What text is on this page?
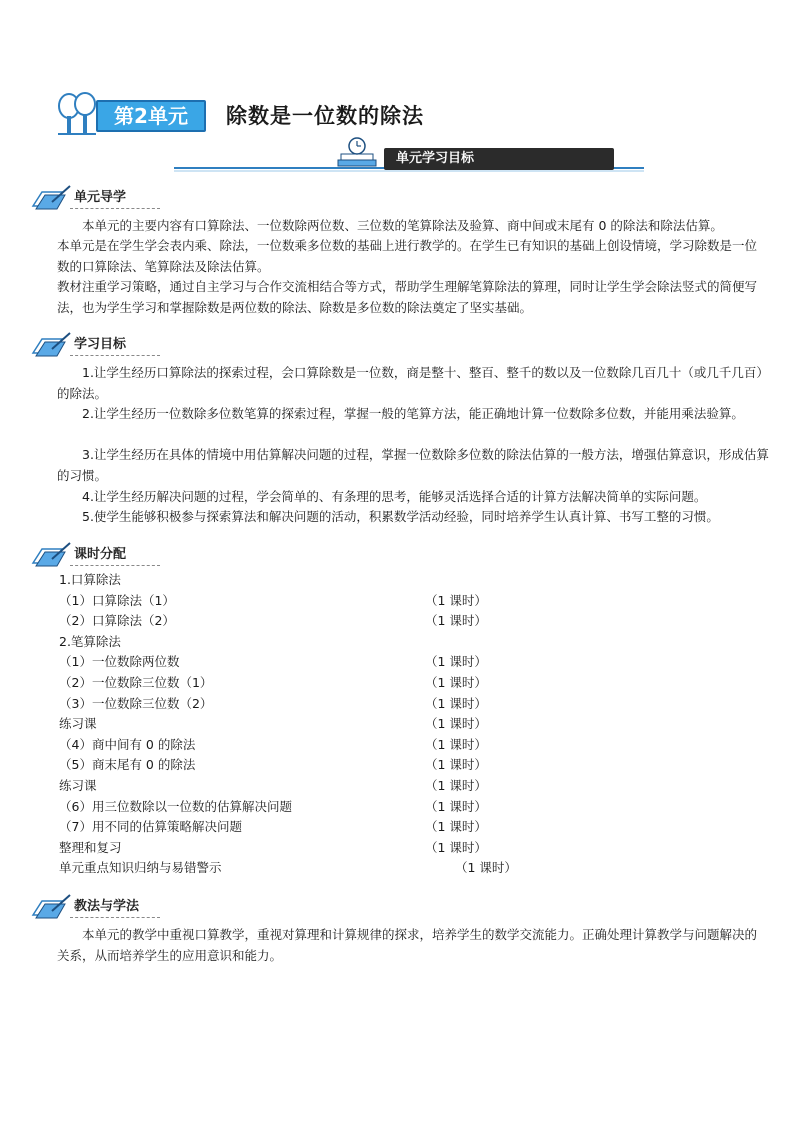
第2单元	除数是一位数的除法
单元学习目标
单元导学

本单元的主要内容有口算除法、一位数除两位数、三位数的笔算除法及验算、商中间或末尾有 0 的除法和除法估算。

本单元是在学生学会表内乘、除法，一位数乘多位数的基础上进行教学的。在学生已有知识的基础上创设情境，学习除数是一位数的口算除法、笔算除法及除法估算。

教材注重学习策略，通过自主学习与合作交流相结合等方式，帮助学生理解笔算除法的算理，同时让学生学会除法竖式的简便写法，也为学生学习和掌握除数是两位数的除法、除数是多位数的除法奠定了坚实基础。

学习目标

1.让学生经历口算除法的探索过程，会口算除数是一位数，商是整十、整百、整千的数以及一位数除几百几十（或几千几百）的除法。

2.让学生经历一位数除多位数笔算的探索过程，掌握一般的笔算方法，能正确地计算一位数除多位数，并能用乘法验算。

3.让学生经历在具体的情境中用估算解决问题的过程，掌握一位数除多位数的除法估算的一般方法，增强估算意识，形成估算的习惯。

4.让学生经历解决问题的过程，学会简单的、有条理的思考，能够灵活选择合适的计算方法解决简单的实际问题。

5.使学生能够积极参与探索算法和解决问题的活动，积累数学活动经验，同时培养学生认真计算、书写工整的习惯。

课时分配
1.口算除法
（1）口算除法（1）	（1 课时）
（2）口算除法（2）	（1 课时）
2.笔算除法
（1）一位数除两位数	（1 课时）
（2）一位数除三位数（1）	（1 课时）
（3）一位数除三位数（2）	（1 课时）
练习课	（1 课时）
（4）商中间有 0 的除法	（1 课时）
（5）商末尾有 0 的除法	（1 课时）
练习课	（1 课时）
（6）用三位数除以一位数的估算解决问题	（1 课时）
（7）用不同的估算策略解决问题	（1 课时）
整理和复习	（1 课时）
单元重点知识归纳与易错警示	（1 课时）
教法与学法

本单元的教学中重视口算教学，重视对算理和计算规律的探求，培养学生的数学交流能力。正确处理计算教学与问题解决的关系，从而培养学生的应用意识和能力。
